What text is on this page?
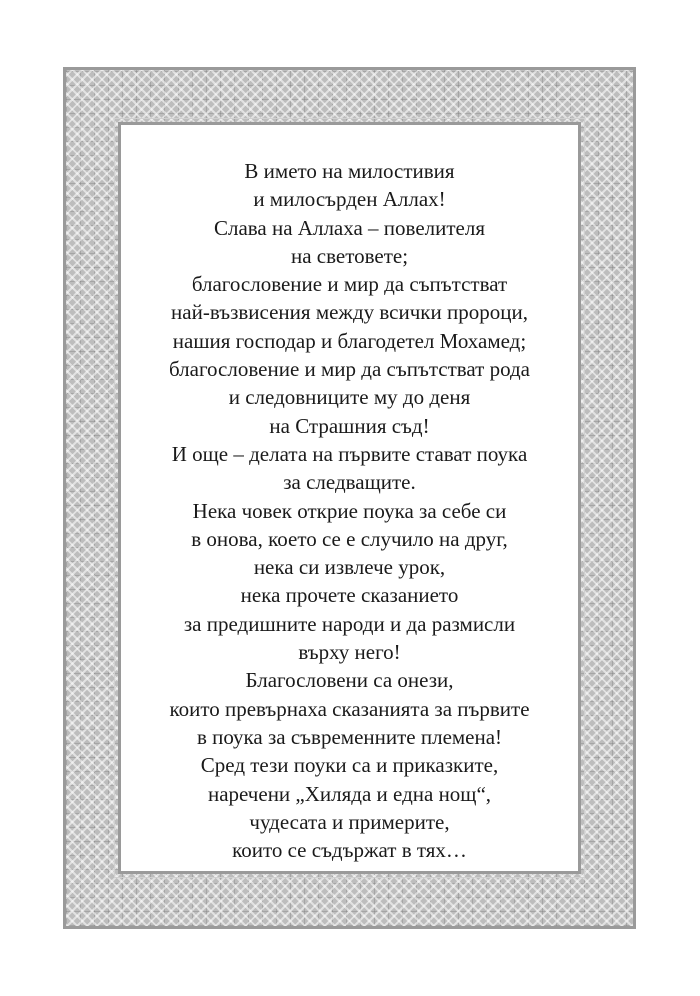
В името на милостивия
и милосърден Аллах!
Слава на Аллаха – повелителя
на световете;
благословение и мир да съпътстват
най-възвисения между всички пророци,
нашия господар и благодетел Мохамед;
благословение и мир да съпътстват рода
и следовниците му до деня
на Страшния съд!
И още – делата на първите стават поука
за следващите.
Нека човек открие поука за себе си
в онова, което се е случило на друг,
нека си извлече урок,
нека прочете сказанието
за предишните народи и да размисли
върху него!
Благословени са онези,
които превърнаха сказанията за първите
в поука за съвременните племена!
Сред тези поуки са и приказките,
наречени „Хиляда и една нощ“,
чудесата и примерите,
които се съдържат в тях…
